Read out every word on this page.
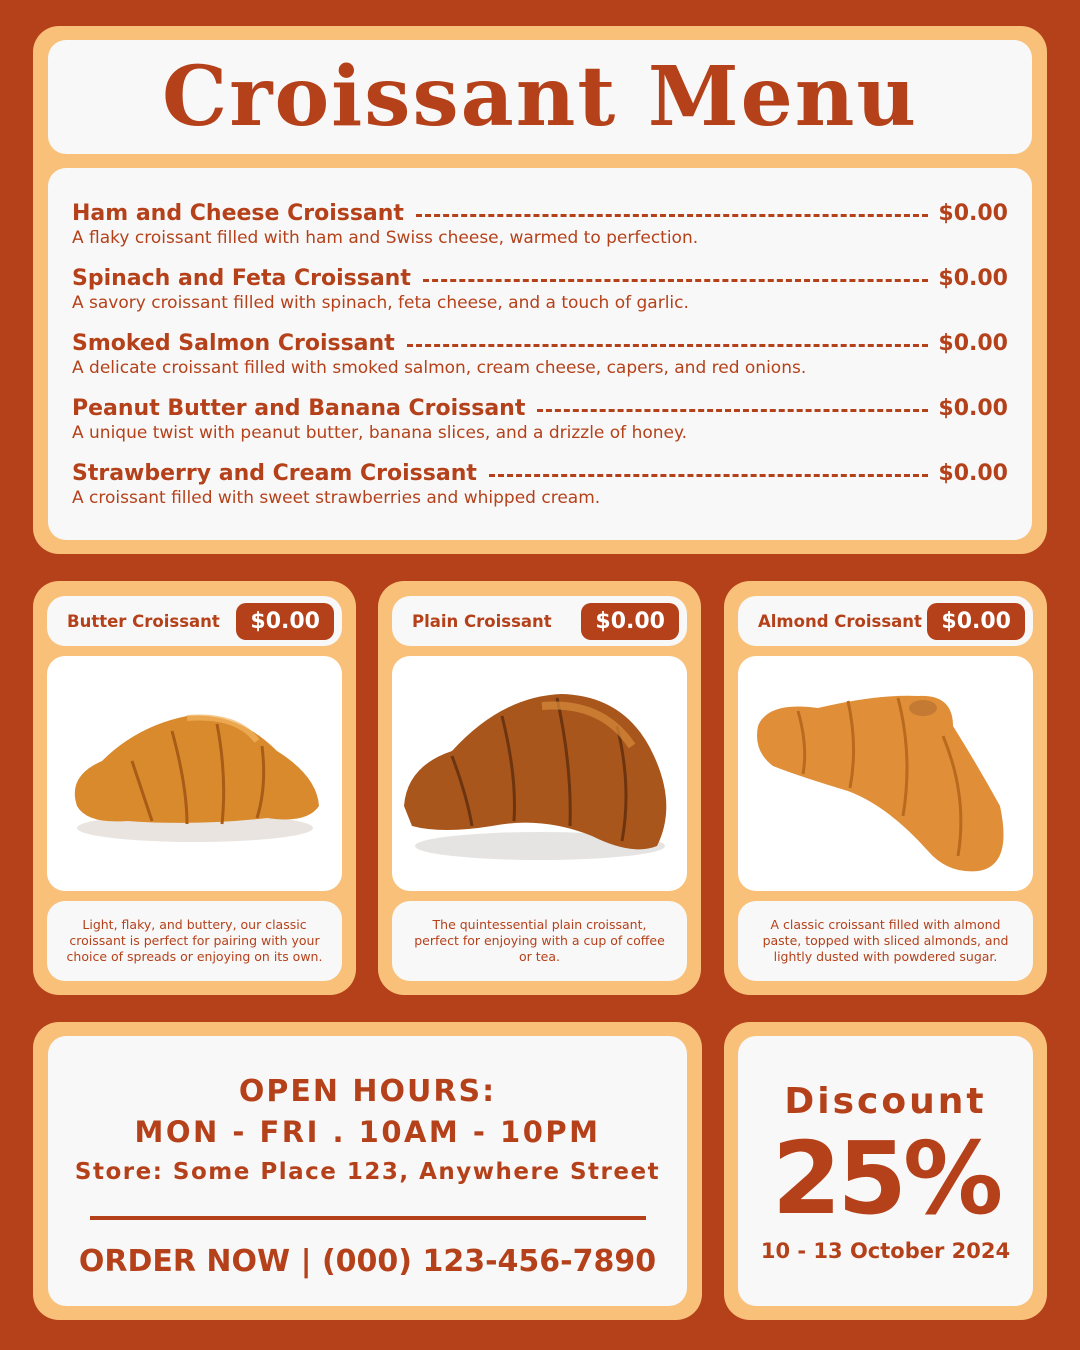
Croissant Menu
Ham and Cheese Croissant	$0.00
A flaky croissant filled with ham and Swiss cheese, warmed to perfection.
Spinach and Feta Croissant	$0.00
A savory croissant filled with spinach, feta cheese, and a touch of garlic.
Smoked Salmon Croissant	$0.00
A delicate croissant filled with smoked salmon, cream cheese, capers, and red onions.
Peanut Butter and Banana Croissant	$0.00
A unique twist with peanut butter, banana slices, and a drizzle of honey.
Strawberry and Cream Croissant	$0.00
A croissant filled with sweet strawberries and whipped cream.
Butter Croissant	$0.00
Light, flaky, and buttery, our classic croissant is perfect for pairing with your choice of spreads or enjoying on its own.
Plain Croissant	$0.00
The quintessential plain croissant, perfect for enjoying with a cup of coffee or tea.
Almond Croissant $0.00
A classic croissant filled with almond paste, topped with sliced almonds, and lightly dusted with powdered sugar.
OPEN HOURS:
MON - FRI . 10AM - 10PM
Store: Some Place 123, Anywhere Street
ORDER NOW | (000) 123-456-7890
Discount
25%
10 - 13 October 2024
